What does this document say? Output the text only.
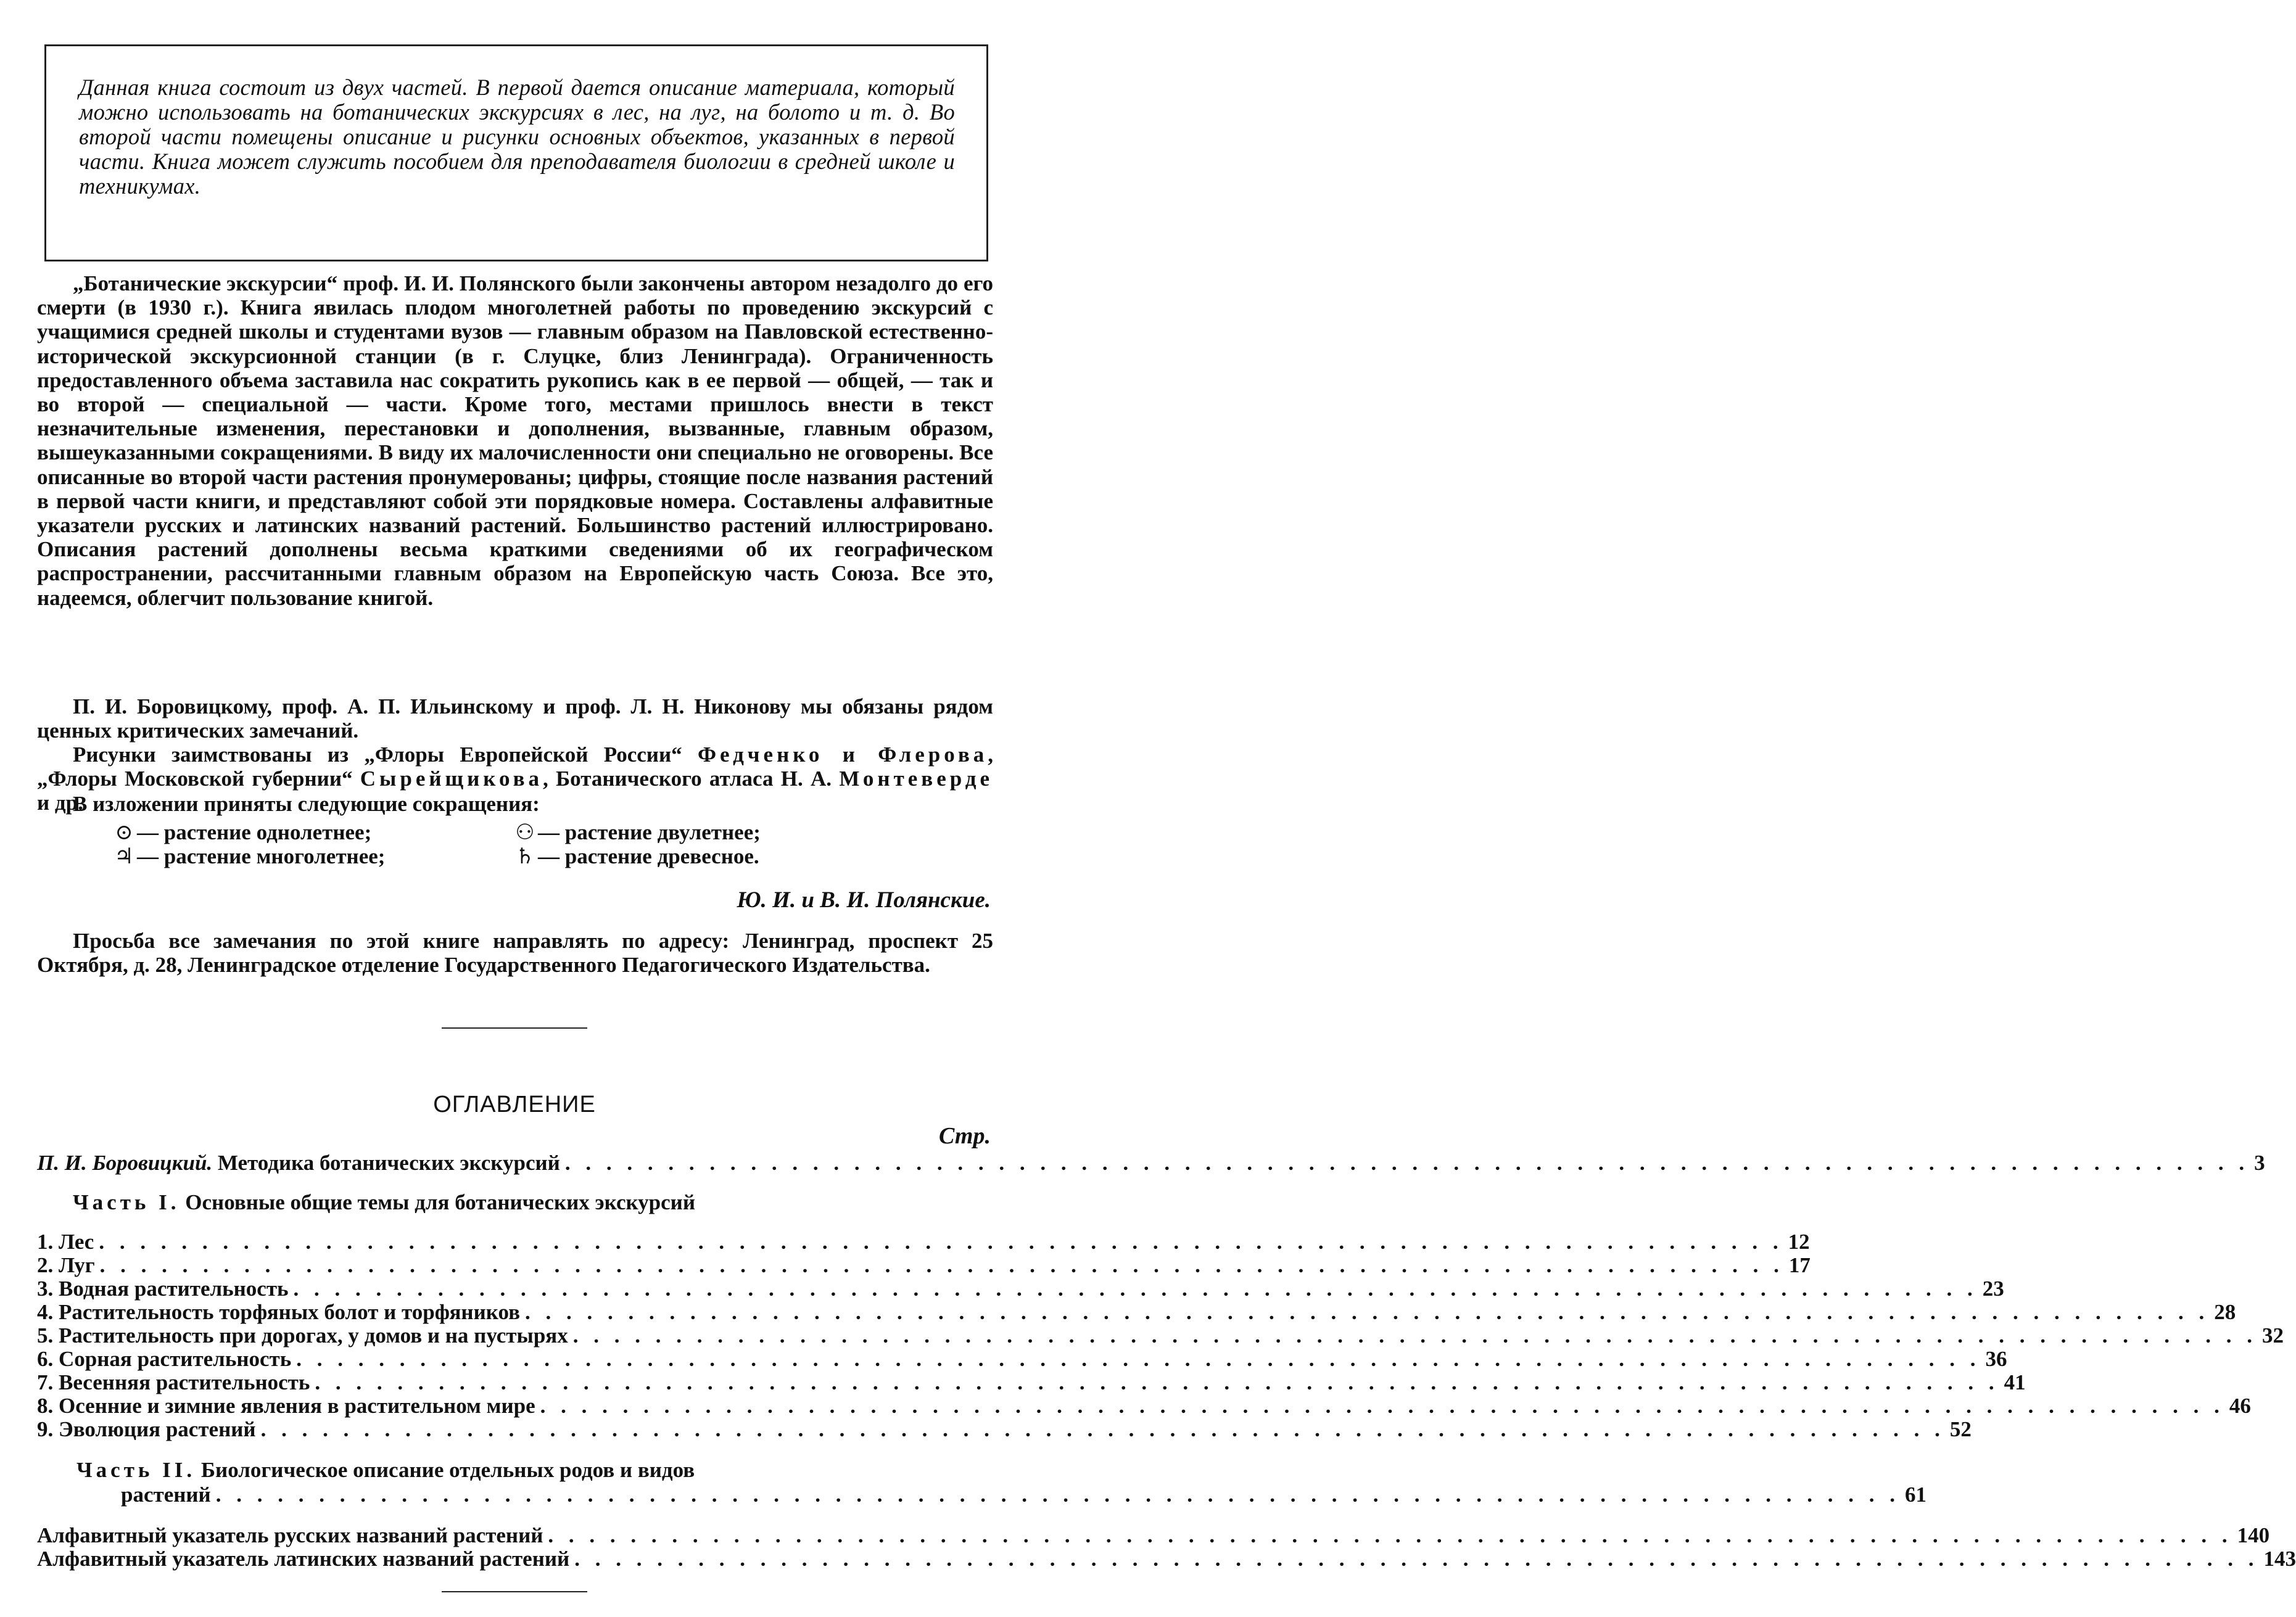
Данная книга состоит из двух частей. В первой дается описание материала, который можно использовать на ботанических экскурсиях в лес, на луг, на болото и т. д. Во второй части помещены описание и рисунки основных объектов, указанных в первой части. Книга может служить пособием для преподавателя биологии в средней школе и техникумах.
„Ботанические экскурсии“ проф. И. И. Полянского были закончены автором незадолго до его смерти (в 1930 г.). Книга явилась плодом многолетней работы по проведению экскурсий с учащимися средней школы и студентами вузов — главным образом на Павловской естественно-исторической экскурсионной станции (в г. Слуцке, близ Ленинграда). Ограниченность предоставленного объема заставила нас сократить рукопись как в ее первой — общей, — так и во второй — специальной — части. Кроме того, местами пришлось внести в текст незначительные изменения, перестановки и дополнения, вызванные, главным образом, вышеуказанными сокращениями. В виду их малочисленности они специально не оговорены. Все описанные во второй части растения пронумерованы; цифры, стоящие после названия растений в первой части книги, и представляют собой эти порядковые номера. Составлены алфавитные указатели русских и латинских названий растений. Большинство растений иллюстрировано. Описания растений дополнены весьма краткими сведениями об их географическом распространении, рассчитанными главным образом на Европейскую часть Союза. Все это, надеемся, облегчит пользование книгой.
П. И. Боровицкому, проф. А. П. Ильинскому и проф. Л. Н. Никонову мы обязаны рядом ценных критических замечаний.
Рисунки заимствованы из „Флоры Европейской России“ Федченко и Флерова, „Флоры Московской губернии“ Сырейщикова, Ботанического атласа Н. А. Монтеверде и др.
В изложении приняты следующие сокращения:
⊙ — растение однолетнее;	⚇ — растение двулетнее;
♃ — растение многолетнее;	♄ — растение древесное.
Ю. И. и В. И. Полянские.
Просьба все замечания по этой книге направлять по адресу: Ленинград, проспект 25 Октября, д. 28, Ленинградское отделение Государственного Педагогического Издательства.
ОГЛАВЛЕНИЕ
Стр.
П. И. Боровицкий. Методика ботанических экскурсий . . . . . . . . . . . . . . . . . . . . . . . . . . . . . . . . . . . . . . . . . . . . . . . . . . . . . . . . . . . . . . . . . . . . . . . . . . . . . . . . . . 3
Часть I. Основные общие темы для ботанических экскурсий
1. Лес . . . . . . . . . . . . . . . . . . . . . . . . . . . . . . . . . . . . . . . . . . . . . . . . . . . . . . . . . . . . . . . . . . . . . . . . . . . . . . . . . . 12
2. Луг . . . . . . . . . . . . . . . . . . . . . . . . . . . . . . . . . . . . . . . . . . . . . . . . . . . . . . . . . . . . . . . . . . . . . . . . . . . . . . . . . . 17
3. Водная растительность . . . . . . . . . . . . . . . . . . . . . . . . . . . . . . . . . . . . . . . . . . . . . . . . . . . . . . . . . . . . . . . . . . . . . . . . . . . . . . . . . . 23
4. Растительность торфяных болот и торфяников . . . . . . . . . . . . . . . . . . . . . . . . . . . . . . . . . . . . . . . . . . . . . . . . . . . . . . . . . . . . . . . . . . . . . . . . . . . . . . . . . . 28
5. Растительность при дорогах, у домов и на пустырях . . . . . . . . . . . . . . . . . . . . . . . . . . . . . . . . . . . . . . . . . . . . . . . . . . . . . . . . . . . . . . . . . . . . . . . . . . . . . . . . . . 32
6. Сорная растительность . . . . . . . . . . . . . . . . . . . . . . . . . . . . . . . . . . . . . . . . . . . . . . . . . . . . . . . . . . . . . . . . . . . . . . . . . . . . . . . . . . 36
7. Весенняя растительность . . . . . . . . . . . . . . . . . . . . . . . . . . . . . . . . . . . . . . . . . . . . . . . . . . . . . . . . . . . . . . . . . . . . . . . . . . . . . . . . . . 41
8. Осенние и зимние явления в растительном мире . . . . . . . . . . . . . . . . . . . . . . . . . . . . . . . . . . . . . . . . . . . . . . . . . . . . . . . . . . . . . . . . . . . . . . . . . . . . . . . . . . 46
9. Эволюция растений . . . . . . . . . . . . . . . . . . . . . . . . . . . . . . . . . . . . . . . . . . . . . . . . . . . . . . . . . . . . . . . . . . . . . . . . . . . . . . . . . . 52
Часть II. Биологическое описание отдельных родов и видов
растений . . . . . . . . . . . . . . . . . . . . . . . . . . . . . . . . . . . . . . . . . . . . . . . . . . . . . . . . . . . . . . . . . . . . . . . . . . . . . . . . . . 61
Алфавитный указатель русских названий растений . . . . . . . . . . . . . . . . . . . . . . . . . . . . . . . . . . . . . . . . . . . . . . . . . . . . . . . . . . . . . . . . . . . . . . . . . . . . . . . . . . 140
Алфавитный указатель латинских названий растений . . . . . . . . . . . . . . . . . . . . . . . . . . . . . . . . . . . . . . . . . . . . . . . . . . . . . . . . . . . . . . . . . . . . . . . . . . . . . . . . . . 143
